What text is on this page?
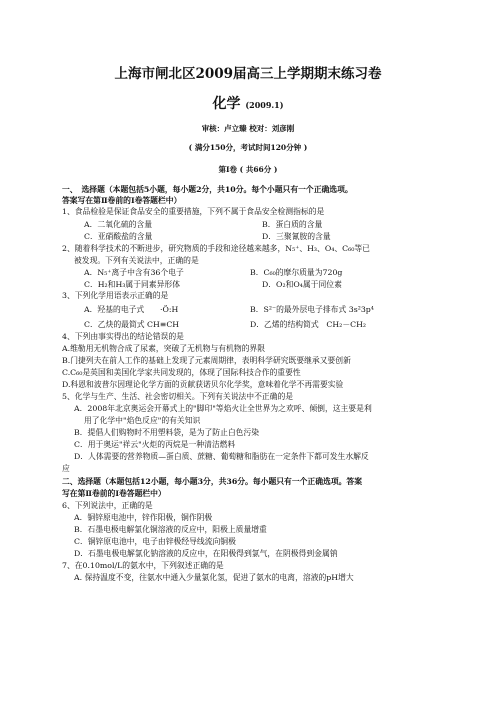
上海市闸北区2009届高三上学期期末练习卷
化学 (2009.1)
审核：卢立臻 校对：刘彦刚
( 满分150分，考试时间120分钟 )
第Ⅰ卷 ( 共66分 )
一、　选择题（本题包括5小题，每小题2分，共10分。每个小题只有一个正确选项。
答案写在第Ⅱ卷前的Ⅰ卷答题栏中）
1、食品检验是保证食品安全的重要措施，下列不属于食品安全检测指标的是
A．二氧化硫的含量	B．蛋白质的含量
C．亚硝酸盐的含量	D．三聚氰胺的含量
2、随着科学技术的不断进步，研究物质的手段和途径越来越多，N₅⁺、H₃、O₄、C₆₀等已
被发现。下列有关说法中，正确的是
A．N₅⁺离子中含有36个电子	B．C₆₀的摩尔质量为720g
C．H₂和H₃属于同素异形体	D．O₂和O₄属于同位素
3、下列化学用语表示正确的是
A．羟基的电子式	·Ö:H	B．S²⁻的最外层电子排布式 3s²3p⁴
C．乙炔的最简式 CH≡CH	D．乙烯的结构简式　CH₂－CH₂
4、下列由事实得出的结论错误的是
A.维勒用无机物合成了尿素，突破了无机物与有机物的界限
B.门捷列夫在前人工作的基础上发现了元素周期律，表明科学研究既要继承又要创新
C.C₆₀是英国和美国化学家共同发现的，体现了国际科技合作的重要性
D.科恩和波普尔因理论化学方面的贡献获诺贝尔化学奖，意味着化学不再需要实验
5、化学与生产、生活、社会密切相关。下列有关说法中不正确的是
A．2008年北京奥运会开幕式上的"脚印"等焰火让全世界为之欢呼、倾倒，这主要是利
用了化学中"焰色反应"的有关知识
B．提倡人们购物时不用塑料袋，是为了防止白色污染
C．用于奥运"祥云"火炬的丙烷是一种清洁燃料
D．人体需要的营养物质—蛋白质、蔗糖、葡萄糖和脂肪在一定条件下都可发生水解反
应
二、选择题（本题包括12小题，每小题3分，共36分。每小题只有一个正确选项。答案
写在第Ⅱ卷前的Ⅰ卷答题栏中）
6、下列说法中，正确的是
A．铜锌原电池中，锌作阳极，铜作阴极
B．石墨电极电解氯化铜溶液的反应中，阳极上质量增重
C．铜锌原电池中，电子由锌极经导线流向铜极
D．石墨电极电解氯化钠溶液的反应中，在阳极得到氯气，在阴极得到金属钠
7、在0.10mol/L的氨水中，下列叙述正确的是
A. 保持温度不变，往氨水中通入少量氯化氢，促进了氨水的电离，溶液的pH增大
